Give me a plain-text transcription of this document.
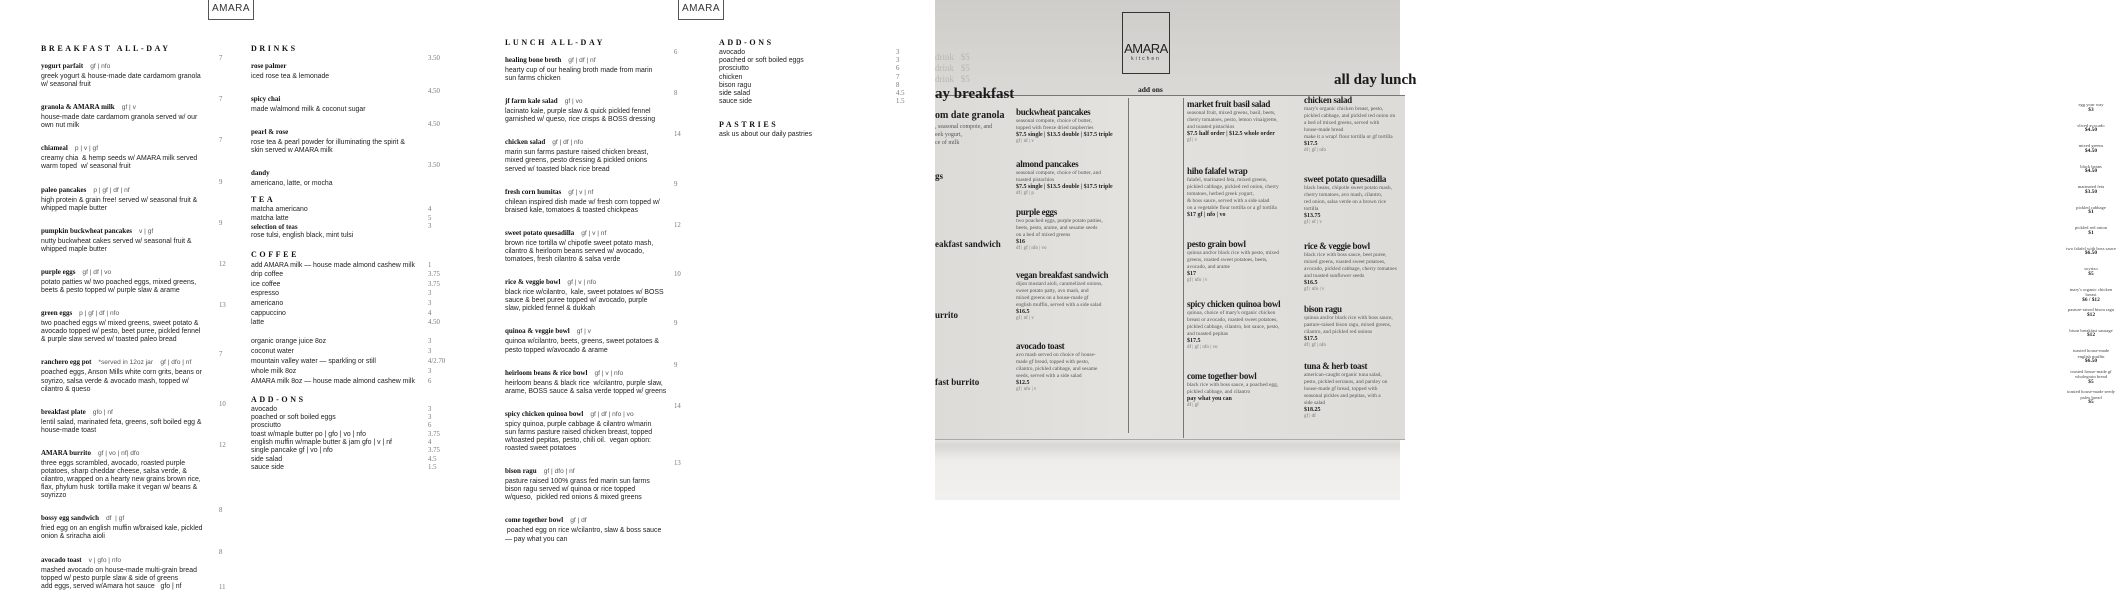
AMARA
BREAKFAST ALL-DAY
yogurt parfait gf | nfo
7
greek yogurt & house-made date cardamom granola
w/ seasonal fruit
granola & AMARA milk gf | v
7
house-made date cardamom granola served w/ our
own nut milk
chiameal p | v | gf
7
creamy chia  & hemp seeds w/ AMARA milk served
warm toped  w/ seasonal fruit
paleo pancakes p | gf | df | nf
9
high protein & grain free! served w/ seasonal fruit &
whipped maple butter
pumpkin buckwheat pancakes v | gf
9
nutty buckwheat cakes served w/ seasonal fruit &
whipped maple butter
purple eggs gf | df | vo
12
potato patties w/ two poached eggs, mixed greens,
beets & pesto topped w/ purple slaw & arame
green eggs p | gf | df | nfo
13
two poached eggs w/ mixed greens, sweet potato &
avocado topped w/ pesto, beet puree, pickled fennel
& purple slaw served w/ toasted paleo bread
ranchero egg pot *served in 12oz jar    gf | dfo | nf
7
poached eggs, Anson Mills white corn grits, beans or
soyrizo, salsa verde & avocado mash, topped w/
cilantro & queso
breakfast plate gfo | nf
10
lentil salad, marinated feta, greens, soft boiled egg &
house-made toast
AMARA burrito gf | vo | nf| dfo
12
three eggs scrambled, avocado, roasted purple
potatoes, sharp cheddar cheese, salsa verde, &
cilantro, wrapped on a hearty new grains brown rice,
flax, phylum husk  tortilla make it vegan w/ beans &
soyrizzo
bossy egg sandwich df  | gf
8
fried egg on an english muffin w/braised kale, pickled
onion & sriracha aioli
avocado toast v | gfo | nfo
8
mashed avocado on house-made multi-grain bread
topped w/ pesto purple slaw & side of greens
add eggs, served w/Amara hot sauce   gfo | nf	11
DRINKS
rose palmer
3.50
iced rose tea & lemonade
spicy chai
4.50
made w/almond milk & coconut sugar
pearl & rose
4.50
rose tea & pearl powder for illuminating the spirit &
skin served w AMARA milk
dandy
3.50
americano, latte, or mocha
TEA
matcha americano	4
matcha latte	5
selection of teas	3
rose tulsi, english black, mint tulsi
COFFEE
add AMARA milk — house made almond cashew milk 1
drip coffee	3.75
ice coffee	3.75
espresso	3
americano	3
cappuccino	4
latte	4.50
organic orange juice 8oz	3
coconut water	3
mountain valley water — sparkling or still	4/2.70
whole milk 8oz	3
AMARA milk 8oz — house made almond cashew milk 6
ADD-ONS
avocado	3
poached or soft boiled eggs	3
prosciutto	6
toast w/maple butter po | gfo | vo | nfo	3.75
english muffin w/maple butter & jam gfo | v | nf	4
single pancake gf | vo | nfo	3.75
side salad	4.5
sauce side	1.5
AMARA
LUNCH ALL-DAY
healing bone broth gf | df | nf
6
hearty cup of our healing broth made from marin
sun farms chicken
jf farm kale salad gf | vo
8
lacinato kale, purple slaw & quick pickled fennel
garnished w/ queso, rice crisps & BOSS dressing
chicken salad gf | df | nfo
14
marin sun farms pasture raised chicken breast,
mixed greens, pesto dressing & pickled onions
served w/ toasted black rice bread
fresh corn humitas gf | v | nf
9
chilean inspired dish made w/ fresh corn topped w/
braised kale, tomatoes & toasted chickpeas
sweet potato quesadilla gf | v | nf
12
brown rice tortilla w/ chipotle sweet potato mash,
cilantro & heirloom beans served w/ avocado,
tomatoes, fresh cilantro & salsa verde
rice & veggie bowl gf | v | nfo
10
black rice w/cilantro,  kale, sweet potatoes w/ BOSS
sauce & beet puree topped w/ avocado, purple
slaw, pickled fennel & dukkah
quinoa & veggie bowl gf | v
9
quinoa w/cilantro, beets, greens, sweet potatoes &
pesto topped w/avocado & arame
heirloom beans & rice bowl gf | v | nfo
9
heirloom beans & black rice  w/cilantro, purple slaw,
arame, BOSS sauce & salsa verde topped w/ greens
spicy chicken quinoa bowl gf | df | nfo | vo
14
spicy quinoa, purple cabbage & cilantro w/marin
sun farms pasture raised chicken breast, topped
w/toasted pepitas, pesto, chili oil.  vegan option:
roasted sweet potatoes
bison ragu gf | dfo | nf
13
pasture raised 100% grass fed marin sun farms
bison ragu served w/ quinoa or rice topped
w/queso,  pickled red onions & mixed greens
come together bowl gf | df
poached egg on rice w/cilantro, slaw & boss sauce
— pay what you can
ADD-ONS
avocado	3
poached or soft boiled eggs	3
prosciutto	6
chicken	7
bison ragu	8
side salad	4.5
sauce side	1.5
PASTRIES
ask us about our daily pastries
drink   $5
drink   $5
drink   $5
AMARA
kitchen
ay breakfast
all day lunch
add ons
om date granola
, seasonal compote, and
eek yogurt,
ce of milk
gs
eakfast sandwich
urrito
fast burrito
buckwheat pancakes
seasonal compote, choice of butter,
topped with freeze dried raspberries
$7.5 single | $13.5 double | $17.5 triple
gf | nf | v
almond pancakes
seasonal compote, choice of butter, and
toasted pistachios
$7.5 single | $13.5 double | $17.5 triple
df | gf | p
purple eggs
two poached eggs, purple potato patties,
beets, pesto, arame, and sesame seeds
on a bed of mixed greens
$16
df | gf | nfo | vo
vegan breakfast sandwich
dijon mustard aioli, caramelized onions,
sweet potato patty, avo mash, and
mixed greens on a house-made gf
english muffin, served with a side salad
$16.5
gf | nf | v
avocado toast
avo mash served on choice of house-
made gf bread, topped with pesto,
cilantro, pickled cabbage, and sesame
seeds, served with a side salad
$12.5
gf | nfo | v
market fruit basil salad
seasonal fruit, mixed greens, basil, beets,
cherry tomatoes, pesto, lemon vinaigrette,
and toasted pistachios
$7.5 half order | $12.5 whole order
gf | v
hiho falafel wrap
falafel, marinated feta, mixed greens,
pickled cabbage, pickled red onion, cherry
tomatoes, herbed greek yogurt,
& boss sauce, served with a side salad
on a vegetable flour tortilla or a gf tortilla
$17 gf | nfo | vo
pesto grain bowl
quinoa and/or black rice with pesto, mixed
greens, roasted sweet potatoes, beets,
avocado, and arame
$17
gf | nfo | v
spicy chicken quinoa bowl
quinoa, choice of mary's organic chicken
breast or avocado, roasted sweet potatoes,
pickled cabbage, cilantro, hot sauce, pesto,
and toasted pepitas
$17.5
df | gf | nfo | vo
come together bowl
black rice with boss sauce, a poached egg,
pickled cabbage, and cilantro
pay what you can
df | gf
chicken salad
mary's organic chicken breast, pesto,
pickled cabbage, and pickled red onion on
a bed of mixed greens, served with
house-made bread
make it a wrap! flour tortilla or gf tortilla
$17.5
df | gf | nfo
sweet potato quesadilla
black beans, chipotle sweet potato mash,
cherry tomatoes, avo mash, cilantro,
red onion, salsa verde on a brown rice
tortilla
$13.75
gf | nf | v
rice & veggie bowl
black rice with boss sauce, beet puree,
mixed greens, roasted sweet potatoes,
avocado, pickled cabbage, cherry tomatoes
and toasted sunflower seeds
$16.5
gf | nfo | v
bison ragu
quinoa and/or black rice with boss sauce,
pasture-raised bison ragu, mixed greens,
cilantro, and pickled red onions
$17.5
df | gf | nfo
tuna & herb toast
american-caught organic tuna salad,
pesto, pickled serranos, and parsley on
house-made gf bread, topped with
seasonal pickles and pepitas, with a
side salad
$18.25
gf | df
egg your way
$3
sliced avocado
$4.50
mixed greens
$4.50
black beans
$4.50
marinated feta
$3.50
pickled cabbage
$1
pickled red onion
$1
two falafel with boss sauce
$6.50
soyrizo
$5
mary's organic chicken breast
$6 / $12
pasture-raised bison ragu
$12
bison breakfast sausage
$12
toasted house-made english muffin
$6.50
toasted house-made gf wholegrain bread
$5
toasted house-made seedy paleo bread
$5
